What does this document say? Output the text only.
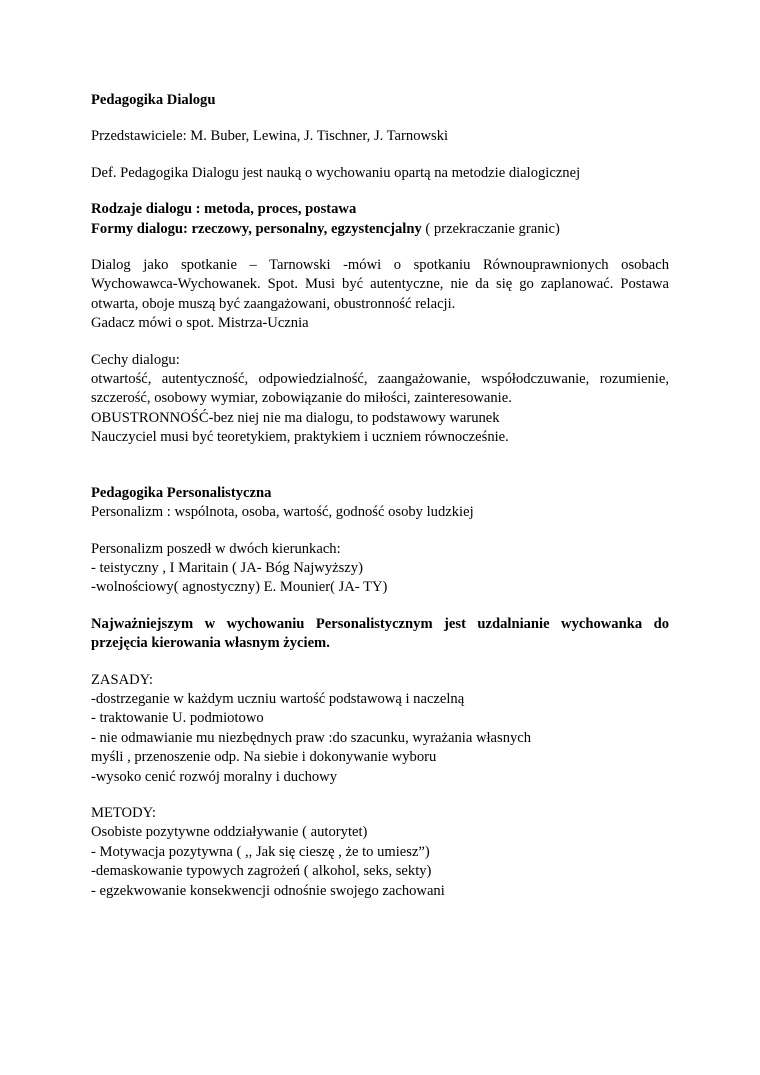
Pedagogika Dialogu

Przedstawiciele: M. Buber, Lewina, J. Tischner, J. Tarnowski

Def. Pedagogika Dialogu jest nauką o wychowaniu opartą na metodzie dialogicznej

Rodzaje dialogu : metoda, proces, postawa

Formy dialogu: rzeczowy, personalny, egzystencjalny ( przekraczanie granic)

Dialog jako spotkanie – Tarnowski -mówi o spotkaniu Równouprawnionych osobach Wychowawca-Wychowanek. Spot. Musi być autentyczne, nie da się go zaplanować. Postawa otwarta, oboje muszą być zaangażowani, obustronność relacji.

Gadacz mówi o spot. Mistrza-Ucznia

Cechy dialogu:

otwartość, autentyczność, odpowiedzialność, zaangażowanie, współodczuwanie, rozumienie, szczerość, osobowy wymiar, zobowiązanie do miłości, zainteresowanie.

OBUSTRONNOŚĆ-bez niej nie ma dialogu, to podstawowy warunek

Nauczyciel musi być teoretykiem, praktykiem i uczniem równocześnie.

Pedagogika Personalistyczna

Personalizm : wspólnota, osoba, wartość, godność osoby ludzkiej

Personalizm poszedł w dwóch kierunkach:

- teistyczny , I Maritain ( JA- Bóg Najwyższy)

-wolnościowy( agnostyczny) E. Mounier( JA- TY)

Najważniejszym w wychowaniu Personalistycznym jest uzdalnianie wychowanka do przejęcia kierowania własnym życiem.

ZASADY:

-dostrzeganie w każdym uczniu wartość podstawową i naczelną

- traktowanie U. podmiotowo

- nie odmawianie mu niezbędnych praw :do szacunku, wyrażania własnych

myśli , przenoszenie odp. Na siebie i dokonywanie wyboru

-wysoko cenić rozwój moralny i duchowy

METODY:

Osobiste pozytywne oddziaływanie ( autorytet)

- Motywacja pozytywna ( ,, Jak się cieszę , że to umiesz”)

-demaskowanie typowych zagrożeń ( alkohol, seks, sekty)

- egzekwowanie konsekwencji odnośnie swojego zachowani
